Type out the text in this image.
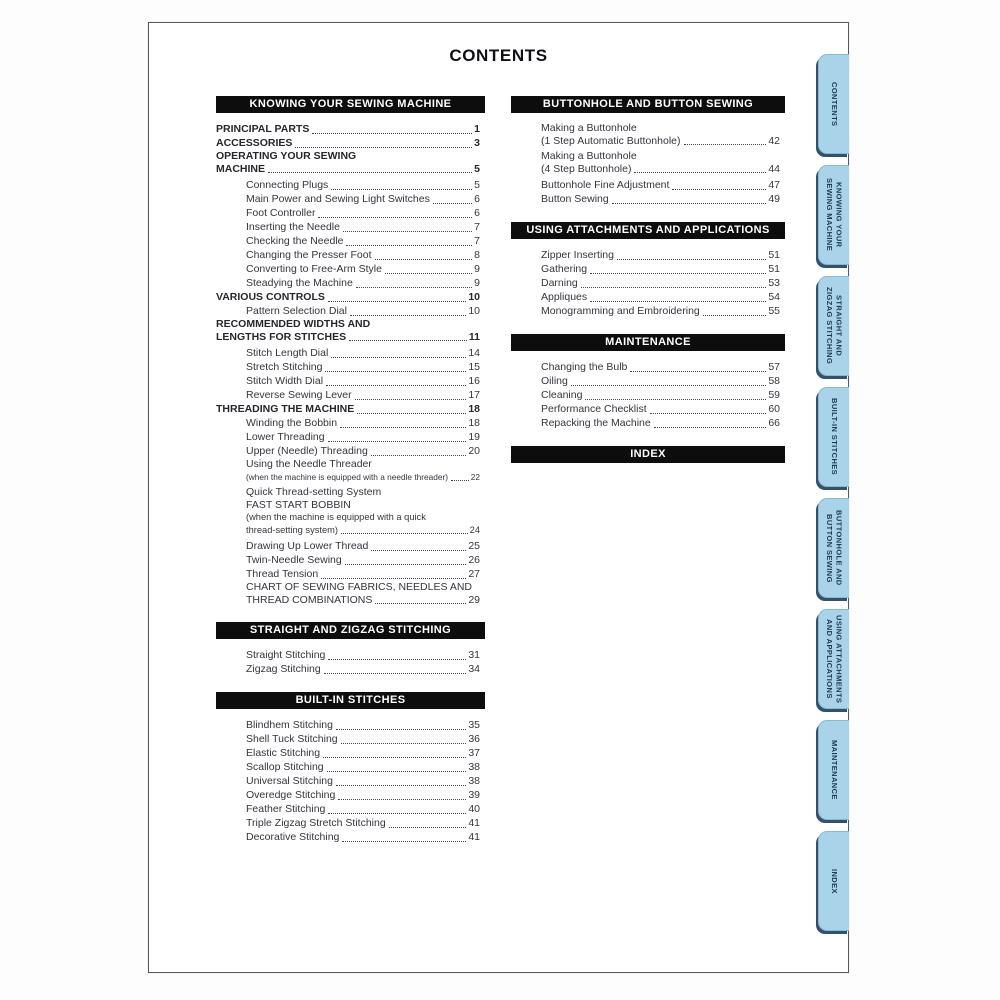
CONTENTS
KNOWING YOUR SEWING MACHINE
PRINCIPAL PARTS	1
ACCESSORIES	3
OPERATING YOUR SEWING
MACHINE	5
Connecting Plugs	5
Main Power and Sewing Light Switches	6
Foot Controller	6
Inserting the Needle	7
Checking the Needle	7
Changing the Presser Foot	8
Converting to Free-Arm Style	9
Steadying the Machine	9
VARIOUS CONTROLS	10
Pattern Selection Dial	10
RECOMMENDED WIDTHS AND
LENGTHS FOR STITCHES	11
Stitch Length Dial	14
Stretch Stitching	15
Stitch Width Dial	16
Reverse Sewing Lever	17
THREADING THE MACHINE	18
Winding the Bobbin	18
Lower Threading	19
Upper (Needle) Threading	20
Using the Needle Threader
(when the machine is equipped with a needle threader)	22
Quick Thread-setting System
FAST START BOBBIN
(when the machine is equipped with a quick
thread-setting system)	24
Drawing Up Lower Thread	25
Twin-Needle Sewing	26
Thread Tension	27
CHART OF SEWING FABRICS, NEEDLES AND
THREAD COMBINATIONS	29
STRAIGHT AND ZIGZAG STITCHING
Straight Stitching	31
Zigzag Stitching	34
BUILT-IN STITCHES
Blindhem Stitching	35
Shell Tuck Stitching	36
Elastic Stitching	37
Scallop Stitching	38
Universal Stitching	38
Overedge Stitching	39
Feather Stitching	40
Triple Zigzag Stretch Stitching	41
Decorative Stitching	41
BUTTONHOLE AND BUTTON SEWING
Making a Buttonhole
(1 Step Automatic Buttonhole)	42
Making a Buttonhole
(4 Step Buttonhole)	44
Buttonhole Fine Adjustment	47
Button Sewing	49
USING ATTACHMENTS AND APPLICATIONS
Zipper Inserting	51
Gathering	51
Darning	53
Appliques	54
Monogramming and Embroidering	55
MAINTENANCE
Changing the Bulb	57
Oiling	58
Cleaning	59
Performance Checklist	60
Repacking the Machine	66
INDEX
CONTENTS
KNOWING YOUR
SEWING MACHINE
STRAIGHT AND
ZIGZAG STITCHING
BUILT-IN STITCHES
BUTTONHOLE AND
BUTTON SEWING
USING ATTACHMENTS
AND APPLICATIONS
MAINTENANCE
INDEX
